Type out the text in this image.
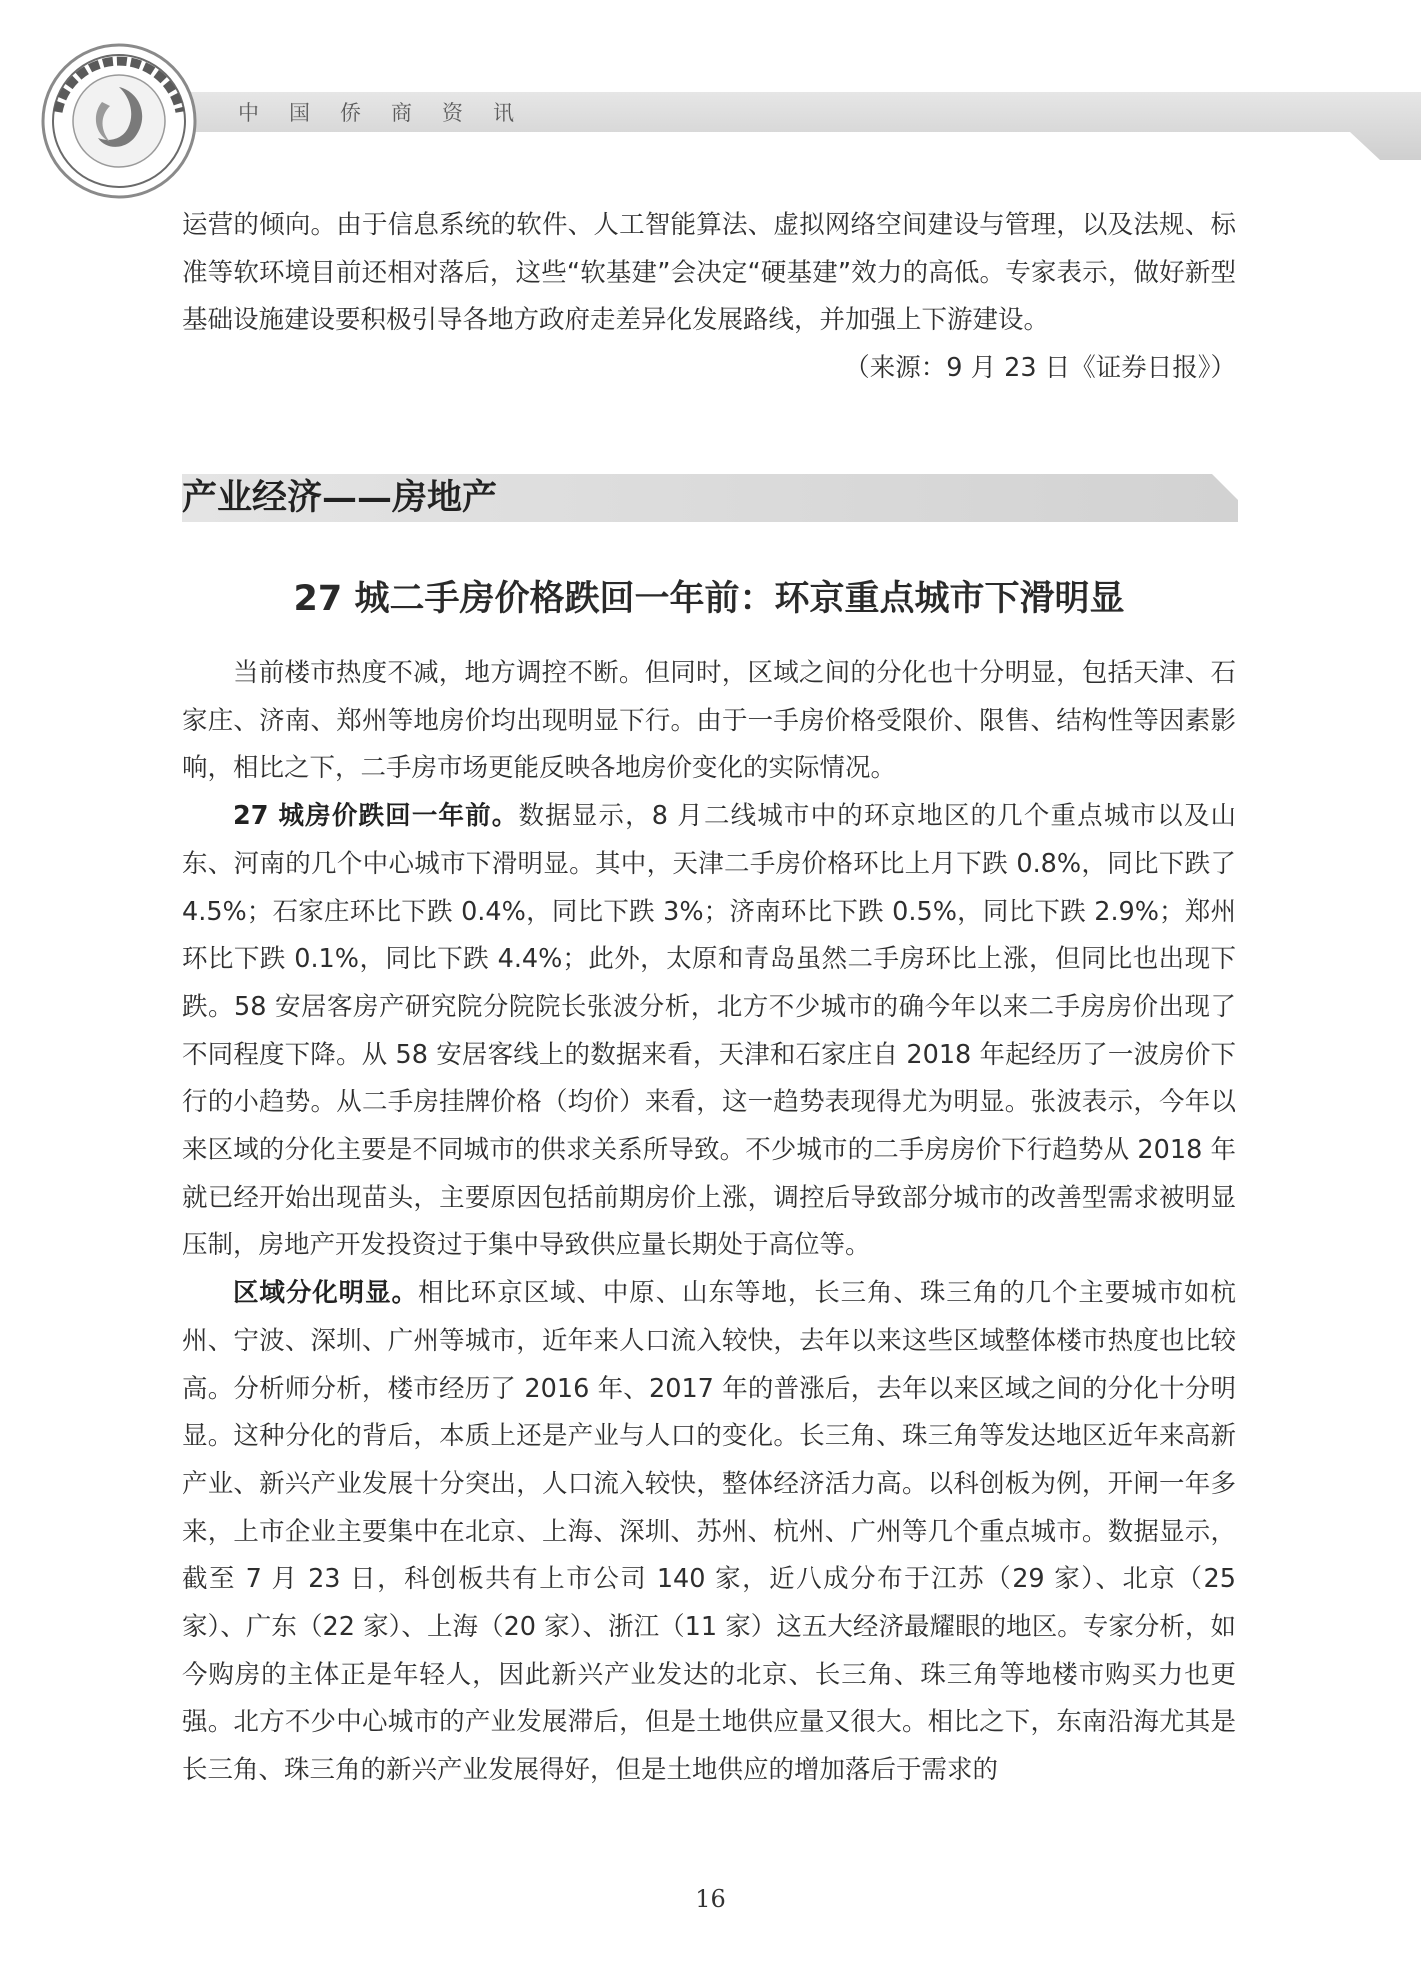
中国侨商资讯

运营的倾向。由于信息系统的软件、人工智能算法、虚拟网络空间建设与管理，以及法规、标准等软环境目前还相对落后，这些“软基建”会决定“硬基建”效力的高低。专家表示，做好新型基础设施建设要积极引导各地方政府走差异化发展路线，并加强上下游建设。

（来源：9 月 23 日《证券日报》）

产业经济——房地产
27 城二手房价格跌回一年前：环京重点城市下滑明显

当前楼市热度不减，地方调控不断。但同时，区域之间的分化也十分明显，包括天津、石家庄、济南、郑州等地房价均出现明显下行。由于一手房价格受限价、限售、结构性等因素影响，相比之下，二手房市场更能反映各地房价变化的实际情况。

27 城房价跌回一年前。数据显示，8 月二线城市中的环京地区的几个重点城市以及山东、河南的几个中心城市下滑明显。其中，天津二手房价格环比上月下跌 0.8%，同比下跌了 4.5%；石家庄环比下跌 0.4%，同比下跌 3%；济南环比下跌 0.5%，同比下跌 2.9%；郑州环比下跌 0.1%，同比下跌 4.4%；此外，太原和青岛虽然二手房环比上涨，但同比也出现下跌。58 安居客房产研究院分院院长张波分析，北方不少城市的确今年以来二手房房价出现了不同程度下降。从 58 安居客线上的数据来看，天津和石家庄自 2018 年起经历了一波房价下行的小趋势。从二手房挂牌价格（均价）来看，这一趋势表现得尤为明显。张波表示，今年以来区域的分化主要是不同城市的供求关系所导致。不少城市的二手房房价下行趋势从 2018 年就已经开始出现苗头，主要原因包括前期房价上涨，调控后导致部分城市的改善型需求被明显压制，房地产开发投资过于集中导致供应量长期处于高位等。

区域分化明显。相比环京区域、中原、山东等地，长三角、珠三角的几个主要城市如杭州、宁波、深圳、广州等城市，近年来人口流入较快，去年以来这些区域整体楼市热度也比较高。分析师分析，楼市经历了 2016 年、2017 年的普涨后，去年以来区域之间的分化十分明显。这种分化的背后，本质上还是产业与人口的变化。长三角、珠三角等发达地区近年来高新产业、新兴产业发展十分突出，人口流入较快，整体经济活力高。以科创板为例，开闸一年多来，上市企业主要集中在北京、上海、深圳、苏州、杭州、广州等几个重点城市。数据显示，截至 7 月 23 日，科创板共有上市公司 140 家，近八成分布于江苏（29 家）、北京（25 家）、广东（22 家）、上海（20 家）、浙江（11 家）这五大经济最耀眼的地区。专家分析，如今购房的主体正是年轻人，因此新兴产业发达的北京、长三角、珠三角等地楼市购买力也更强。北方不少中心城市的产业发展滞后，但是土地供应量又很大。相比之下，东南沿海尤其是长三角、珠三角的新兴产业发展得好，但是土地供应的增加落后于需求的

16
